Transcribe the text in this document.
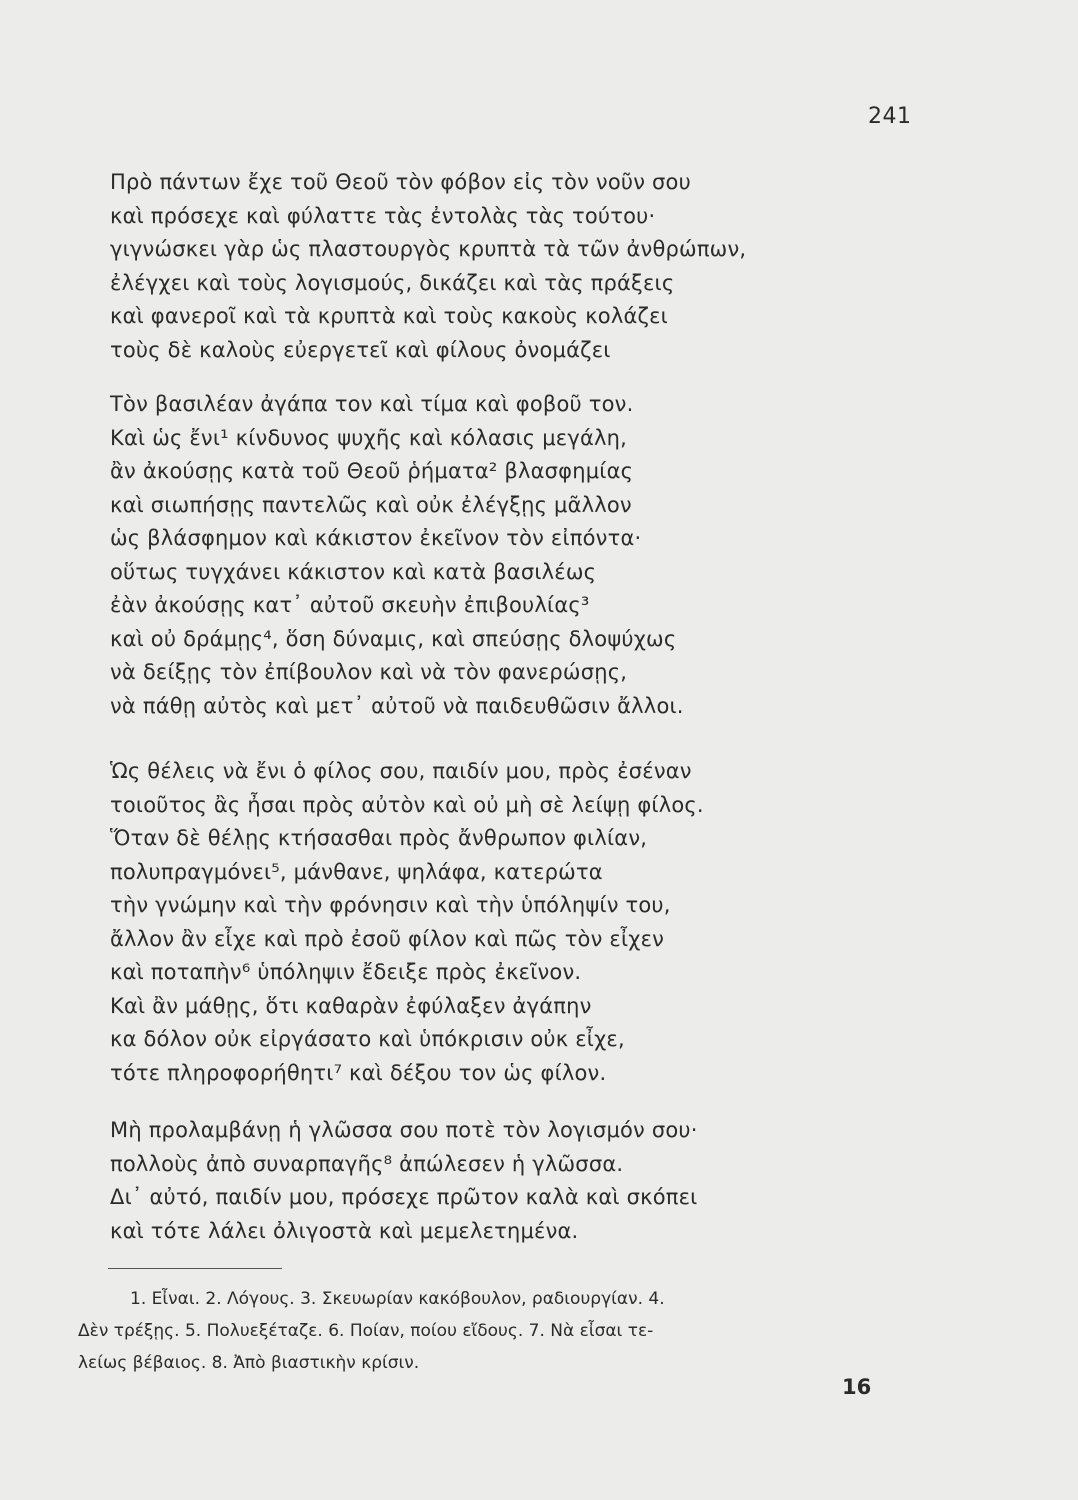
241
Πρὸ πάντων ἔχε τοῦ Θεοῦ τὸν φόβον εἰς τὸν νοῦν σου
καὶ πρόσεχε καὶ φύλαττε τὰς ἐντολὰς τὰς τούτου·
γιγνώσκει γὰρ ὡς πλαστουργὸς κρυπτὰ τὰ τῶν ἀνθρώπων,
ἐλέγχει καὶ τοὺς λογισμούς, δικάζει καὶ τὰς πράξεις
καὶ φανεροῖ καὶ τὰ κρυπτὰ καὶ τοὺς κακοὺς κολάζει
τοὺς δὲ καλοὺς εὐεργετεῖ καὶ φίλους ὀνομάζει
Τὸν βασιλέαν ἀγάπα τον καὶ τίμα καὶ φοβοῦ τον.
Καὶ ὡς ἔνι¹ κίνδυνος ψυχῆς καὶ κόλασις μεγάλη,
ἂν ἀκούσῃς κατὰ τοῦ Θεοῦ ῥήματα² βλασφημίας
καὶ σιωπήσῃς παντελῶς καὶ οὐκ ἐλέγξῃς μᾶλλον
ὡς βλάσφημον καὶ κάκιστον ἐκεῖνον τὸν εἰπόντα·
οὕτως τυγχάνει κάκιστον καὶ κατὰ βασιλέως
ἐὰν ἀκούσῃς κατ᾽ αὐτοῦ σκευὴν ἐπιβουλίας³
καὶ οὐ δράμῃς⁴, ὅση δύναμις, καὶ σπεύσῃς δλοψύχως
νὰ δείξῃς τὸν ἐπίβουλον καὶ νὰ τὸν φανερώσῃς,
νὰ πάθῃ αὐτὸς καὶ μετ᾽ αὐτοῦ νὰ παιδευθῶσιν ἄλλοι.
Ὡς θέλεις νὰ ἔνι ὁ φίλος σου, παιδίν μου, πρὸς ἐσέναν
τοιοῦτος ἂς ἦσαι πρὸς αὐτὸν καὶ οὐ μὴ σὲ λείψῃ φίλος.
Ὅταν δὲ θέλῃς κτήσασθαι πρὸς ἄνθρωπον φιλίαν,
πολυπραγμόνει⁵, μάνθανε, ψηλάφα, κατερώτα
τὴν γνώμην καὶ τὴν φρόνησιν καὶ τὴν ὑπόληψίν του,
ἄλλον ἂν εἶχε καὶ πρὸ ἐσοῦ φίλον καὶ πῶς τὸν εἶχεν
καὶ ποταπὴν⁶ ὑπόληψιν ἔδειξε πρὸς ἐκεῖνον.
Καὶ ἂν μάθῃς, ὅτι καθαρὰν ἐφύλαξεν ἀγάπην
κα δόλον οὐκ εἰργάσατο καὶ ὑπόκρισιν οὐκ εἶχε,
τότε πληροφορήθητι⁷ καὶ δέξου τον ὡς φίλον.
Μὴ προλαμβάνῃ ἡ γλῶσσα σου ποτὲ τὸν λογισμόν σου·
πολλοὺς ἀπὸ συναρπαγῆς⁸ ἀπώλεσεν ἡ γλῶσσα.
Δι᾽ αὐτό, παιδίν μου, πρόσεχε πρῶτον καλὰ καὶ σκόπει
καὶ τότε λάλει ὀλιγοστὰ καὶ μεμελετημένα.
1. Εἶναι. 2. Λόγους. 3. Σκευωρίαν κακόβουλον, ραδιουργίαν. 4.
Δὲν τρέξῃς. 5. Πολυεξέταζε. 6. Ποίαν, ποίου εἴδους. 7. Νὰ εἶσαι τε-
λείως βέβαιος. 8. Ἀπὸ βιαστικὴν κρίσιν.
16
